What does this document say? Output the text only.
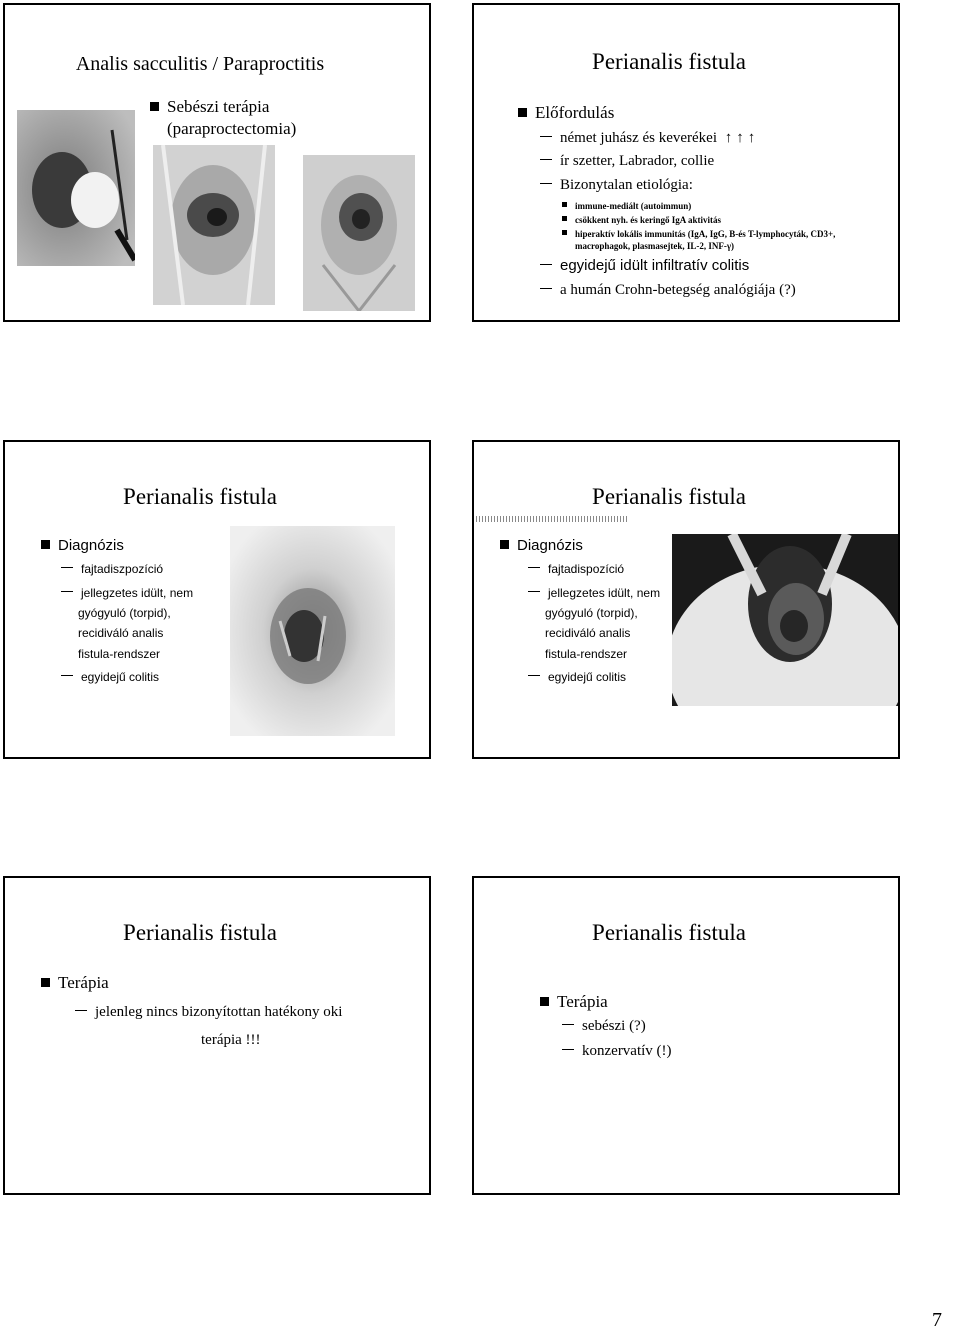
Analis sacculitis / Paraproctitis
Sebészi terápia
(paraproctectomia)
Perianalis fistula
Előfordulás
német juhász és keverékei ↑↑↑
ír szetter, Labrador, collie
Bizonytalan etiológia:
immune-mediált (autoimmun)
csökkent nyh. és keringő IgA aktivitás
hiperaktív lokális immunitás (IgA, IgG, B-és T-lymphocyták, CD3+,
macrophagok, plasmasejtek, IL-2, INF-γ)
egyidejű idült infiltratív colitis
a humán Crohn-betegség analógiája (?)
Perianalis fistula
Diagnózis
fajtadiszpozíció
jellegzetes idült, nem
gyógyuló (torpid),
recidiváló analis
fistula-rendszer
egyidejű colitis
Perianalis fistula
Diagnózis
fajtadispozíció
jellegzetes idült, nem
gyógyuló (torpid),
recidiváló analis
fistula-rendszer
egyidejű colitis
Perianalis fistula
Terápia
jelenleg nincs bizonyítottan hatékony oki
terápia !!!
Perianalis fistula
Terápia
sebészi (?)
konzervatív (!)
7
